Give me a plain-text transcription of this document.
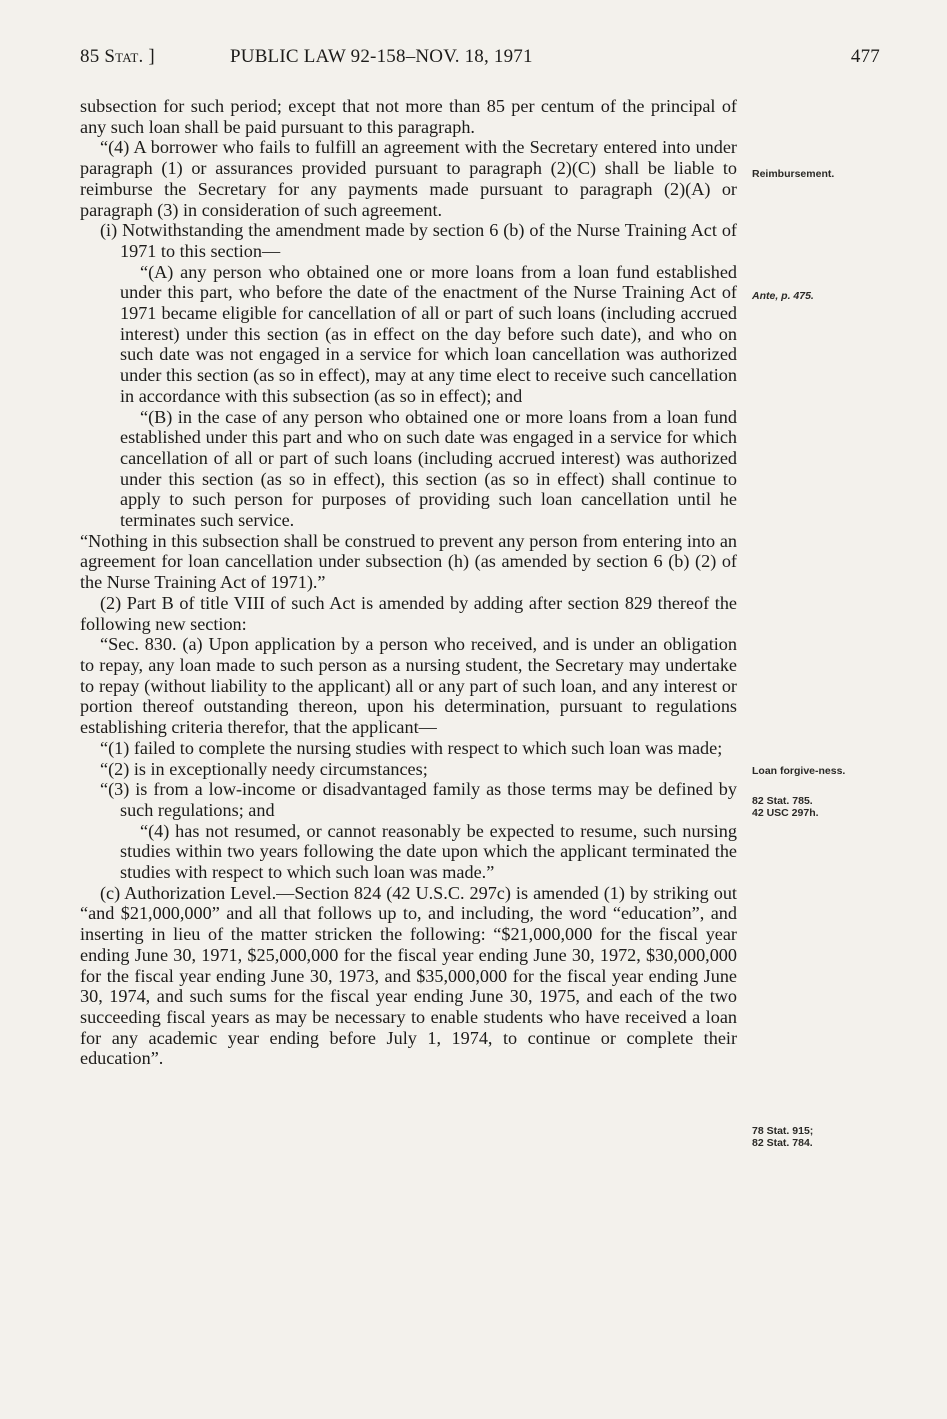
85 Stat. ]	PUBLIC LAW 92-158–NOV. 18, 1971	477

subsection for such period; except that not more than 85 per centum of the principal of any such loan shall be paid pursuant to this paragraph.

“(4) A borrower who fails to fulfill an agreement with the Secretary entered into under paragraph (1) or assurances provided pursuant to paragraph (2)(C) shall be liable to reimburse the Secretary for any payments made pursuant to paragraph (2)(A) or paragraph (3) in consideration of such agreement.

(i) Notwithstanding the amendment made by section 6 (b) of the Nurse Training Act of 1971 to this section—

“(A) any person who obtained one or more loans from a loan fund established under this part, who before the date of the enactment of the Nurse Training Act of 1971 became eligible for cancellation of all or part of such loans (including accrued interest) under this section (as in effect on the day before such date), and who on such date was not engaged in a service for which loan cancellation was authorized under this section (as so in effect), may at any time elect to receive such cancellation in accordance with this subsection (as so in effect); and

“(B) in the case of any person who obtained one or more loans from a loan fund established under this part and who on such date was engaged in a service for which cancellation of all or part of such loans (including accrued interest) was authorized under this section (as so in effect), this section (as so in effect) shall continue to apply to such person for purposes of providing such loan cancellation until he terminates such service.

“Nothing in this subsection shall be construed to prevent any person from entering into an agreement for loan cancellation under subsection (h) (as amended by section 6 (b) (2) of the Nurse Training Act of 1971).”

(2) Part B of title VIII of such Act is amended by adding after section 829 thereof the following new section:

“Sec. 830. (a) Upon application by a person who received, and is under an obligation to repay, any loan made to such person as a nursing student, the Secretary may undertake to repay (without liability to the applicant) all or any part of such loan, and any interest or portion thereof outstanding thereon, upon his determination, pursuant to regulations establishing criteria therefor, that the applicant—

“(1) failed to complete the nursing studies with respect to which such loan was made;

“(2) is in exceptionally needy circumstances;

“(3) is from a low-income or disadvantaged family as those terms may be defined by such regulations; and

“(4) has not resumed, or cannot reasonably be expected to resume, such nursing studies within two years following the date upon which the applicant terminated the studies with respect to which such loan was made.”

(c) Authorization Level.—Section 824 (42 U.S.C. 297c) is amended (1) by striking out “and $21,000,000” and all that follows up to, and including, the word “education”, and inserting in lieu of the matter stricken the following: “$21,000,000 for the fiscal year ending June 30, 1971, $25,000,000 for the fiscal year ending June 30, 1972, $30,000,000 for the fiscal year ending June 30, 1973, and $35,000,000 for the fiscal year ending June 30, 1974, and such sums for the fiscal year ending June 30, 1975, and each of the two succeeding fiscal years as may be necessary to enable students who have received a loan for any academic year ending before July 1, 1974, to continue or complete their education”.

Reimbursement.
Ante, p. 475.
Loan forgive-ness.
82 Stat. 785.
42 USC 297h.
78 Stat. 915;
82 Stat. 784.
